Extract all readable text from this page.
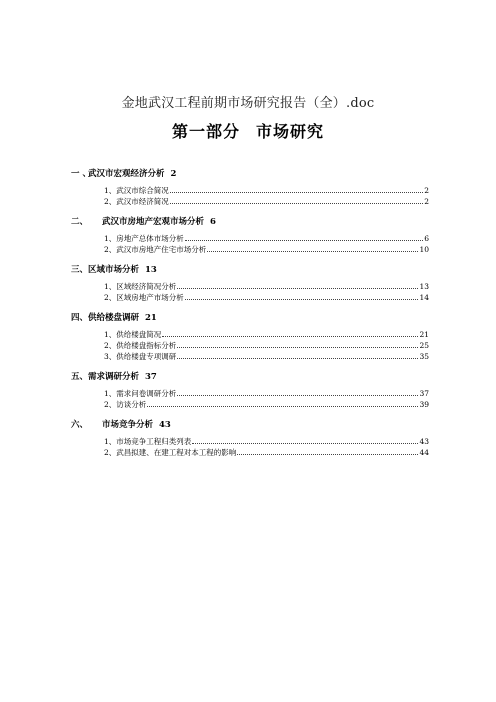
金地武汉工程前期市场研究报告（全）.doc
第一部分 市场研究
一 、武汉市宏观经济分析 2
1、武汉市综合简况	2
2、武汉市经济简况	2
二、 武汉市房地产宏观市场分析 6
1、房地产总体市场分析	6
2、武汉市房地产住宅市场分析	10
三、区域市场分析 13
1、区域经济简况分析	13
2、区域房地产市场分析	14
四、供给楼盘调研 21
1、供给楼盘简况	21
2、供给楼盘指标分析	25
3、供给楼盘专项调研	35
五、需求调研分析 37
1、需求问卷调研分析	37
2、访谈分析	39
六、 市场竞争分析 43
1、市场竞争工程归类列表	43
2、武昌拟建、在建工程对本工程的影响	44
